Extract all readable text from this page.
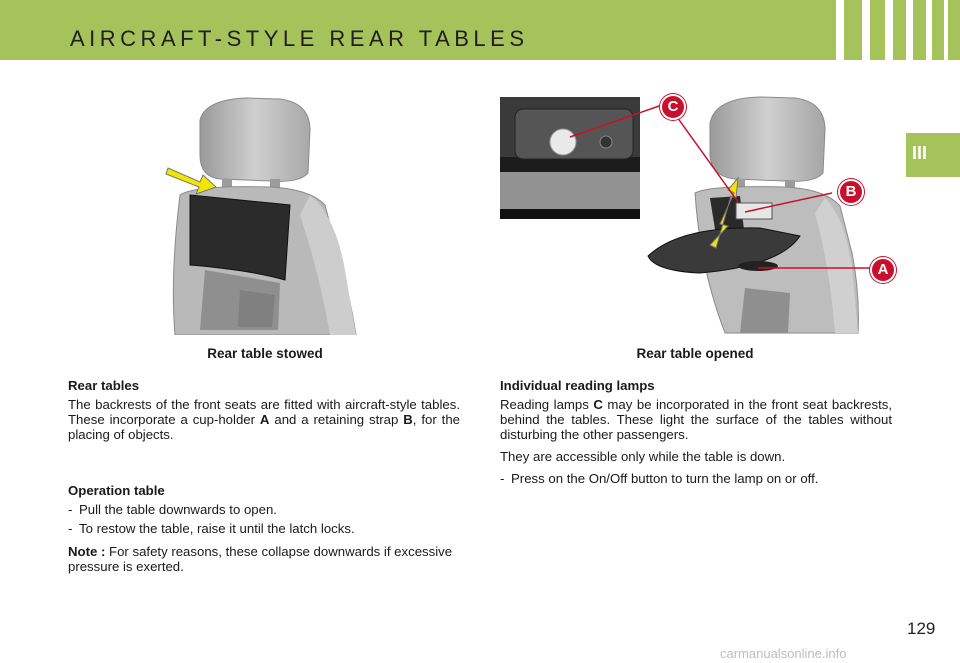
AIRCRAFT-STYLE REAR TABLES
III
C
B
A
Rear table stowed	Rear table opened

Rear tables

The backrests of the front seats are fitted with aircraft-style tables. These incorporate a cup-holder A and a retaining strap B, for the placing of objects.

Operation table

- Pull the table downwards to open.
- To restow the table, raise it until the latch locks.

Note : For safety reasons, these collapse downwards if excessive pressure is exerted.

Individual reading lamps

Reading lamps C may be incorporated in the front seat backrests, behind the tables. These light the surface of the tables without disturbing the other passengers.

They are accessible only while the table is down.

- Press on the On/Off button to turn the lamp on or off.
129
carmanualsonline.info
